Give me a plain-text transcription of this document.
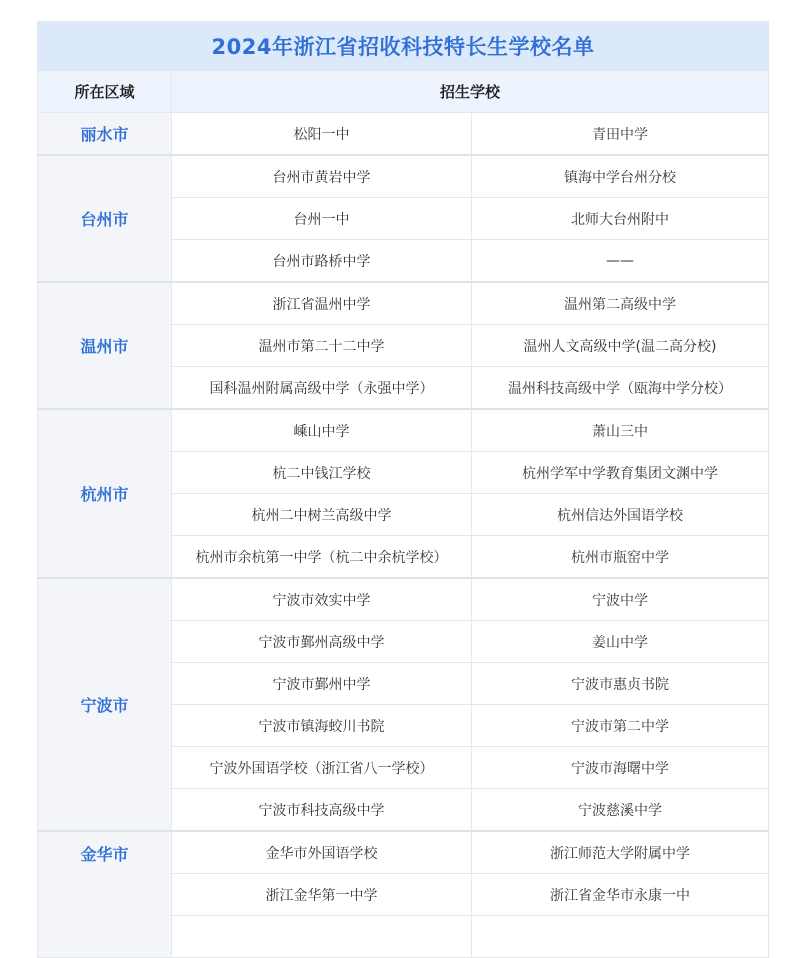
2024年浙江省招收科技特长生学校名单		
所在区域	招生学校	
丽水市	松阳一中	青田中学
台州市	台州市黄岩中学	镇海中学台州分校
	台州一中	北师大台州附中
	台州市路桥中学	——
温州市	浙江省温州中学	温州第二高级中学
	温州市第二十二中学	温州人文高级中学(温二高分校)
	国科温州附属高级中学（永强中学）	温州科技高级中学（瓯海中学分校）
杭州市	嵊山中学	萧山三中
	杭二中钱江学校	杭州学军中学教育集团文渊中学
	杭州二中树兰高级中学	杭州信达外国语学校
	杭州市余杭第一中学（杭二中余杭学校）	杭州市瓶窑中学
宁波市	宁波市效实中学	宁波中学
	宁波市鄞州高级中学	姜山中学
	宁波市鄞州中学	宁波市惠贞书院
	宁波市镇海蛟川书院	宁波市第二中学
	宁波外国语学校（浙江省八一学校）	宁波市海曙中学
	宁波市科技高级中学	宁波慈溪中学
金华市	金华市外国语学校	浙江师范大学附属中学
	浙江金华第一中学	浙江省金华市永康一中
